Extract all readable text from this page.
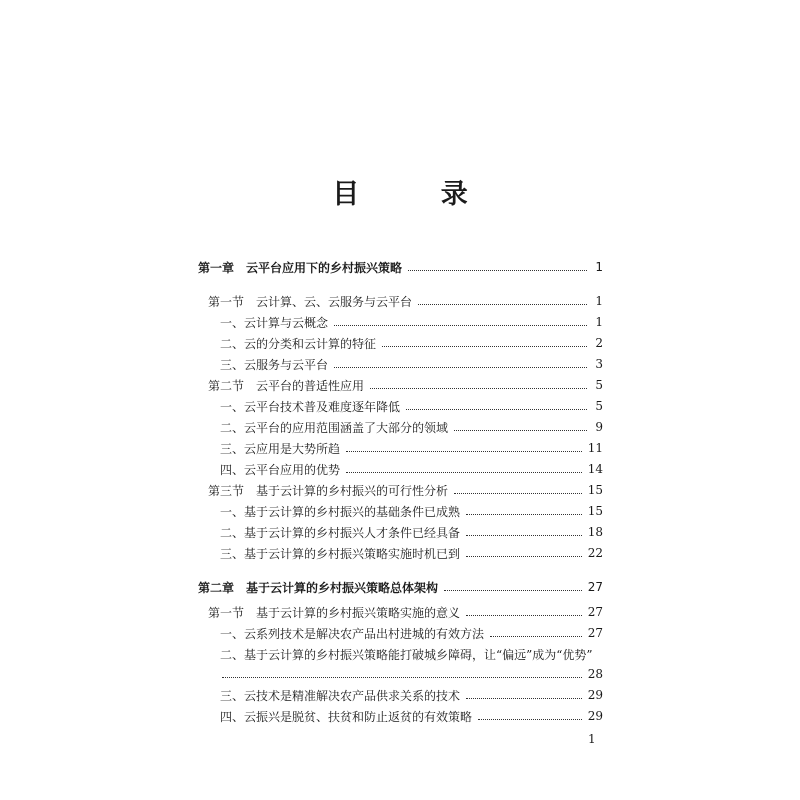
目 录
第一章　云平台应用下的乡村振兴策略	1
第一节　云计算、云、云服务与云平台	1
一、云计算与云概念	1
二、云的分类和云计算的特征	2
三、云服务与云平台	3
第二节　云平台的普适性应用	5
一、云平台技术普及难度逐年降低	5
二、云平台的应用范围涵盖了大部分的领域	9
三、云应用是大势所趋	11
四、云平台应用的优势	14
第三节　基于云计算的乡村振兴的可行性分析	15
一、基于云计算的乡村振兴的基础条件已成熟	15
二、基于云计算的乡村振兴人才条件已经具备	18
三、基于云计算的乡村振兴策略实施时机已到	22
第二章　基于云计算的乡村振兴策略总体架构	27
第一节　基于云计算的乡村振兴策略实施的意义	27
一、云系列技术是解决农产品出村进城的有效方法	27
二、基于云计算的乡村振兴策略能打破城乡障碍，让“偏远”成为“优势”
28
三、云技术是精准解决农产品供求关系的技术	29
四、云振兴是脱贫、扶贫和防止返贫的有效策略	29
1
